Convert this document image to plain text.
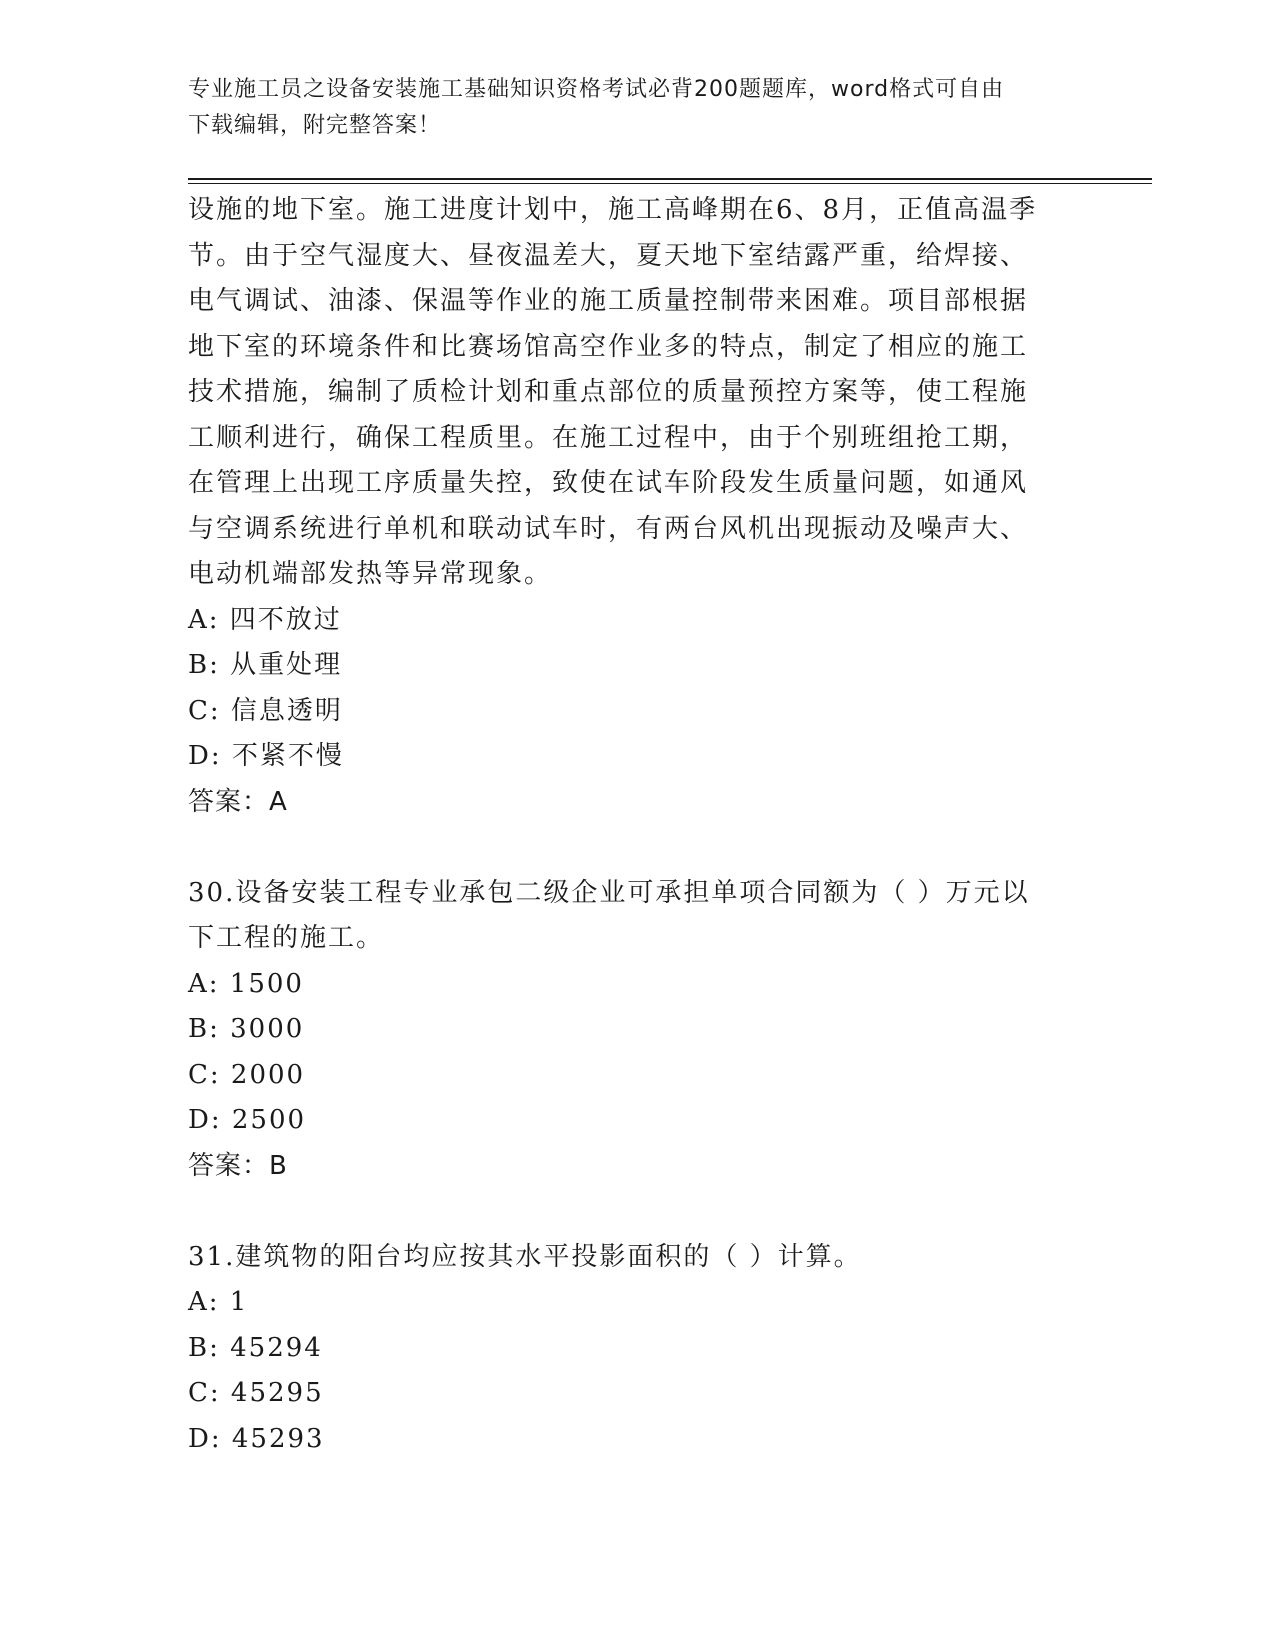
专业施工员之设备安装施工基础知识资格考试必背200题题库，word格式可自由
下载编辑，附完整答案！

设施的地下室。施工进度计划中，施工高峰期在6、8月，正值高温季
节。由于空气湿度大、昼夜温差大，夏天地下室结露严重，给焊接、
电气调试、油漆、保温等作业的施工质量控制带来困难。项目部根据
地下室的环境条件和比赛场馆高空作业多的特点，制定了相应的施工
技术措施，编制了质检计划和重点部位的质量预控方案等，使工程施
工顺利进行，确保工程质里。在施工过程中，由于个别班组抢工期，
在管理上出现工序质量失控，致使在试车阶段发生质量问题，如通风
与空调系统进行单机和联动试车时，有两台风机出现振动及噪声大、
电动机端部发热等异常现象。

A: 四不放过

B: 从重处理

C: 信息透明

D: 不紧不慢

答案：A

30.设备安装工程专业承包二级企业可承担单项合同额为（ ）万元以
下工程的施工。

A: 1500

B: 3000

C: 2000

D: 2500

答案：B

31.建筑物的阳台均应按其水平投影面积的（ ）计算。

A: 1

B: 45294

C: 45295

D: 45293
